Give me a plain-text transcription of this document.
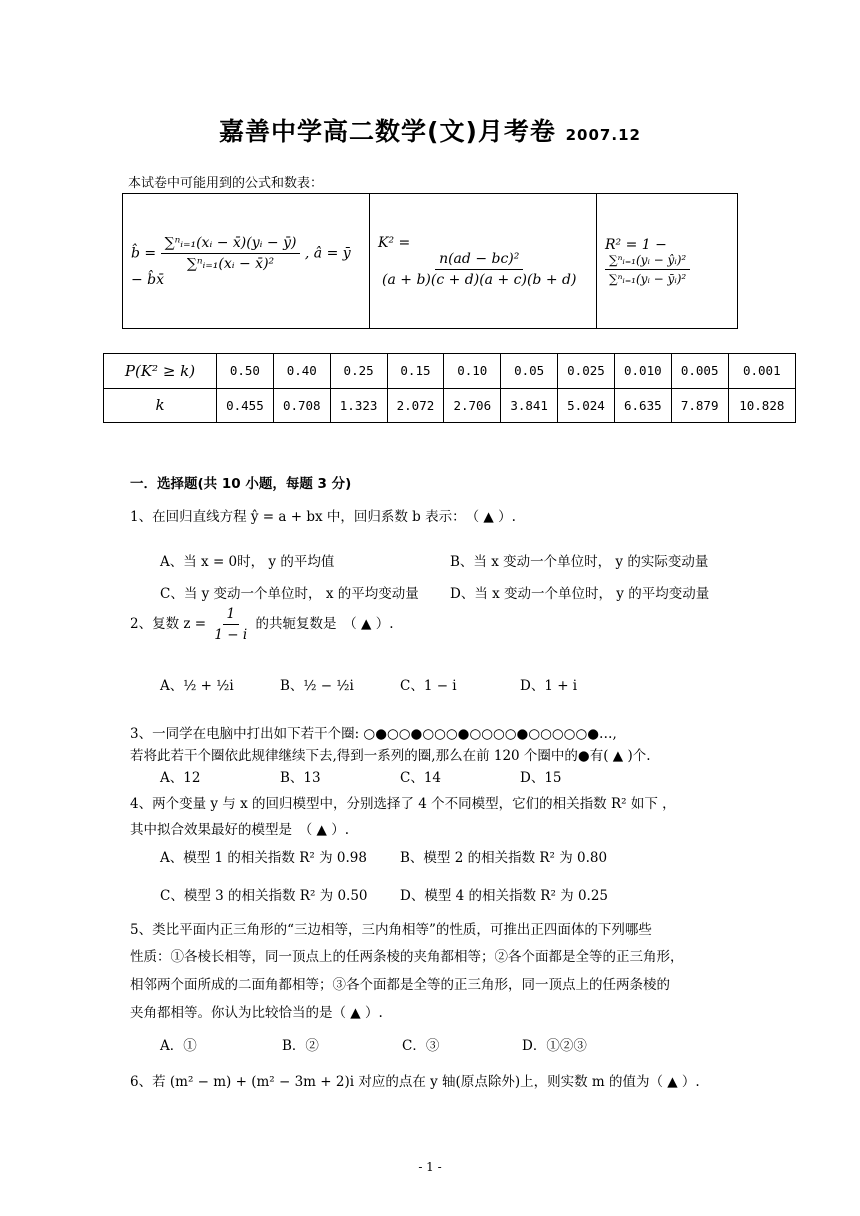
嘉善中学高二数学(文)月考卷 2007.12
本试卷中可能用到的公式和数表：
b̂ = $\frac{\text{∑ⁿᵢ₌₁(xᵢ − x̄)(yᵢ − ȳ)}}{\text{∑ⁿᵢ₌₁(xᵢ − x̄)²}}$ , â = ȳ − b̂x̄	K² =
$\frac{\text{n(ad − bc)²}}{(a + b)(c + d)(a + c)(b + d)}$
	R² = 1 −
$\frac{\text{∑ⁿᵢ₌₁(yᵢ − ŷᵢ)²}}{\text{∑ⁿᵢ₌₁(yᵢ − ȳᵢ)²}}$
P(K² ≥ k)	0.50	0.40	0.25	0.15	0.10	0.05	0.025	0.010	0.005	0.001
k	0.455	0.708	1.323	2.072	2.706	3.841	5.024	6.635	7.879	10.828
一．选择题(共 10 小题，每题 3 分)
1、在回归直线方程 ŷ = a + bx 中，回归系数 b 表示：　（ ▲ ）.
A、当 x = 0时， y 的平均值	B、当 x 变动一个单位时， y 的实际变动量
C、当 y 变动一个单位时， x 的平均变动量 D、当 x 变动一个单位时， y 的平均变动量
2、复数 $z = \frac{1}{1 - i}$ 的共轭复数是　（ ▲ ）.
A、½ + ½i	B、½ − ½i	C、1 − i	D、1 + i
3、一同学在电脑中打出如下若干个圈: ○●○○●○○○●○○○○●○○○○○●…,
若将此若干个圈依此规律继续下去,得到一系列的圈,那么在前 120 个圈中的●有( ▲ )个.
A、12	B、13	C、14	D、15
4、两个变量 y 与 x 的回归模型中，分别选择了 4 个不同模型，它们的相关指数 R² 如下 ，
其中拟合效果最好的模型是　（ ▲ ）.
A、模型 1 的相关指数 R² 为 0.98 B、模型 2 的相关指数 R² 为 0.80
C、模型 3 的相关指数 R² 为 0.50 D、模型 4 的相关指数 R² 为 0.25
5、类比平面内正三角形的“三边相等，三内角相等”的性质，可推出正四面体的下列哪些
性质：①各棱长相等，同一顶点上的任两条棱的夹角都相等；②各个面都是全等的正三角形，
相邻两个面所成的二面角都相等；③各个面都是全等的正三角形，同一顶点上的任两条棱的
夹角都相等。你认为比较恰当的是（ ▲ ）.
A．①	B．②	C．③	D．①②③
6、若 (m² − m) + (m² − 3m + 2)i 对应的点在 y 轴(原点除外)上，则实数 m 的值为（ ▲ ）.
- 1 -
